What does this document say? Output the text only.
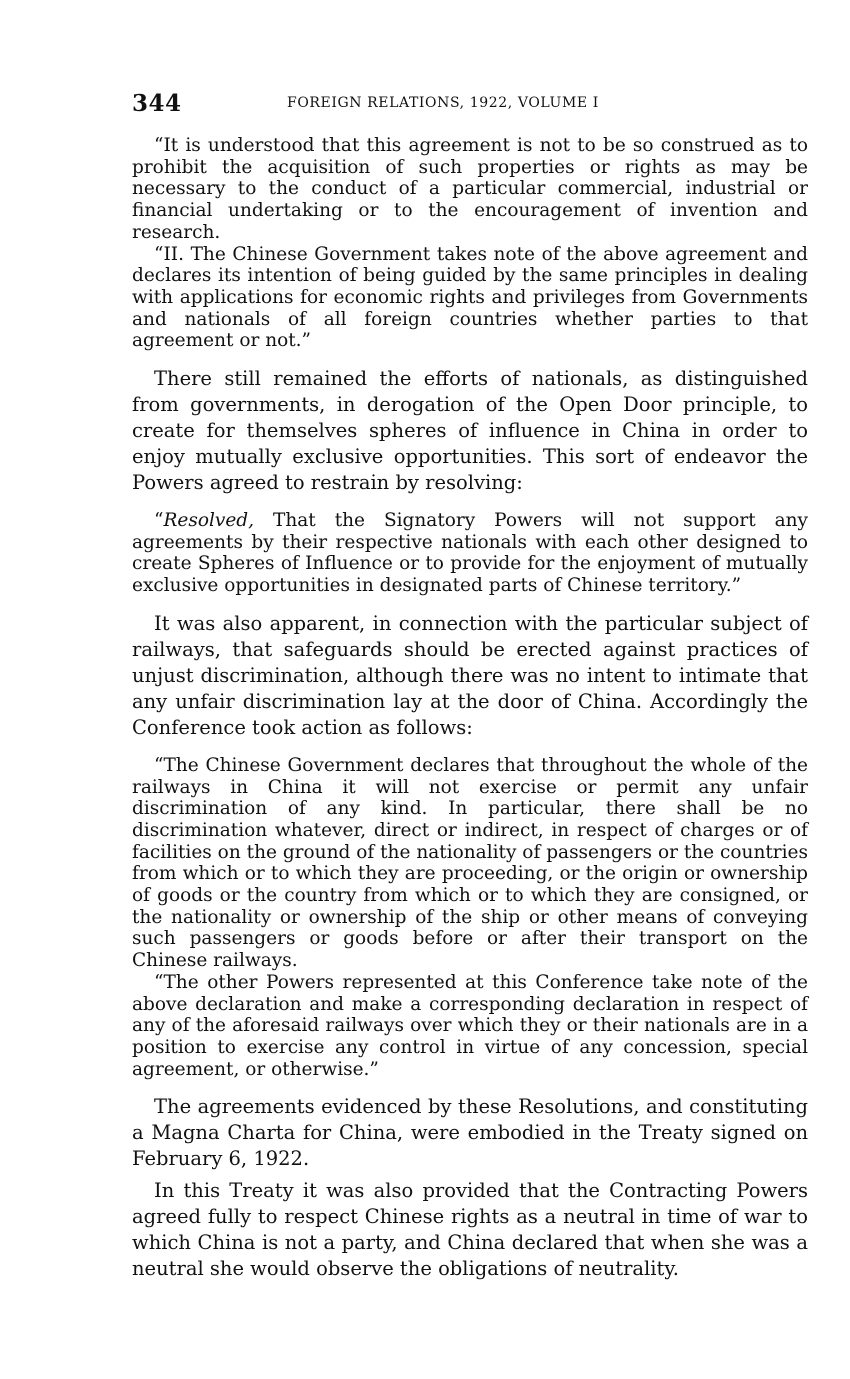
344	FOREIGN RELATIONS, 1922, VOLUME I

“It is understood that this agreement is not to be so construed as to prohibit the acquisition of such properties or rights as may be necessary to the conduct of a particular commercial, industrial or financial undertaking or to the encouragement of invention and research.

“II. The Chinese Government takes note of the above agreement and declares its intention of being guided by the same principles in dealing with applications for economic rights and privileges from Governments and nationals of all foreign countries whether parties to that agreement or not.”

There still remained the efforts of nationals, as distinguished from governments, in derogation of the Open Door principle, to create for themselves spheres of influence in China in order to enjoy mutually exclusive opportunities. This sort of endeavor the Powers agreed to restrain by resolving:

“Resolved, That the Signatory Powers will not support any agreements by their respective nationals with each other designed to create Spheres of Influence or to provide for the enjoyment of mutually exclusive opportunities in designated parts of Chinese territory.”

It was also apparent, in connection with the particular subject of railways, that safeguards should be erected against practices of unjust discrimination, although there was no intent to intimate that any unfair discrimination lay at the door of China. Accordingly the Conference took action as follows:

“The Chinese Government declares that throughout the whole of the railways in China it will not exercise or permit any unfair discrimination of any kind. In particular, there shall be no discrimination whatever, direct or indirect, in respect of charges or of facilities on the ground of the nationality of passengers or the countries from which or to which they are proceeding, or the origin or ownership of goods or the country from which or to which they are consigned, or the nationality or ownership of the ship or other means of conveying such passengers or goods before or after their transport on the Chinese railways.

“The other Powers represented at this Conference take note of the above declaration and make a corresponding declaration in respect of any of the aforesaid railways over which they or their nationals are in a position to exercise any control in virtue of any concession, special agreement, or otherwise.”

The agreements evidenced by these Resolutions, and constituting a Magna Charta for China, were embodied in the Treaty signed on February 6, 1922.

In this Treaty it was also provided that the Contracting Powers agreed fully to respect Chinese rights as a neutral in time of war to which China is not a party, and China declared that when she was a neutral she would observe the obligations of neutrality.
